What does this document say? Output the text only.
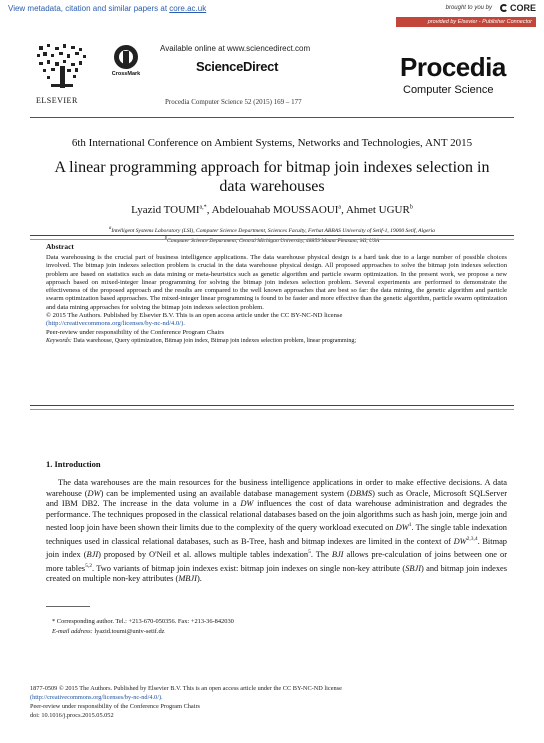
View metadata, citation and similar papers at core.ac.uk	brought to you by CORE
provided by Elsevier - Publisher Connector
ELSEVIER
CrossMark
Available online at www.sciencedirect.com
ScienceDirect
Procedia Computer Science 52 (2015) 169 – 177
Procedia
Computer Science
6th International Conference on Ambient Systems, Networks and Technologies, ANT 2015
A linear programming approach for bitmap join indexes selection in
data warehouses
Lyazid $TOUMI^{a,*}$, Abdelouahab MOUSSAOUI$^a$, Ahmet UGUR$^b$
$^a$Intelligent Systems Laboratory (LSI), Computer Science Department, Sciences Faculty, Ferhat ABBAS University of Setif-1, 19000 Setif, Algeria
$^b$Computer Science Department, Central Michigan University, 48859 Mount Pleasant, MI, USA
Abstract
Data warehousing is the crucial part of business intelligence applications. The data warehouse physical design is a hard task due to a large number of possible choices involved. The bitmap join indexes selection problem is crucial in the data warehouse physical design. All proposed approaches to solve the bitmap join indexes selection problem are based on statistics such as data mining or meta-heuristics such as genetic algorithm and particle swarm optimization. In the present work, we propose a new approach based on mixed-integer linear programming for solving the bitmap join indexes selection problem. Several experiments are performed to demonstrate the effectiveness of the proposed approach and the results are compared to the well known approaches that are best so far: the data mining, the genetic algorithm and particle swarm optimization based approaches. The mixed-integer linear programming is found to be faster and more effective than the genetic algorithm, particle swarm optimization and data mining approaches for solving the bitmap join indexes selection problem.
© 2015 The Authors. Published by Elsevier B.V. This is an open access article under the CC BY-NC-ND license
(http://creativecommons.org/licenses/by-nc-nd/4.0/).
Peer-review under responsibility of the Conference Program Chairs
Keywords: Data warehouse, Query optimization, Bitmap join index, Bitmap join indexes selection problem, linear programming;
1. Introduction

The data warehouses are the main resources for the business intelligence applications in order to make effective decisions. A data warehouse (DW) can be implemented using an available database management system (DBMS) such as Oracle, Microsoft SQLServer and IBM DB2. The increase in the data volume in a DW influences the cost of data warehouse administration and degrades the performance. The techniques proposed in the classical relational databases based on the join algorithms such as hash join, merge join and nested loop join have been shown their limits due to the complexity of the query workload executed on $DW^1$. The single table indexation techniques used in classical relational databases, such as B-Tree, hash and bitmap indexes are limited in the context of DW$^{2,3,4}$. Bitmap join index (BJI) proposed by O'Neil et al. allows multiple tables indexation$^5$. The BJI allows pre-calculation of joins between one or more tables$^{5,2}$. Two variants of bitmap join indexes exist: bitmap join indexes on single non-key attribute (SBJI) and bitmap join indexes created on multiple non-key attributes (MBJI).

* Corresponding author. Tel.: +213-670-050356. Fax: +213-36-842030
E-mail address: lyazid.toumi@univ-setif.dz
1877-0509 © 2015 The Authors. Published by Elsevier B.V. This is an open access article under the CC BY-NC-ND license
(http://creativecommons.org/licenses/by-nc-nd/4.0/).
Peer-review under responsibility of the Conference Program Chairs
doi: 10.1016/j.procs.2015.05.052
